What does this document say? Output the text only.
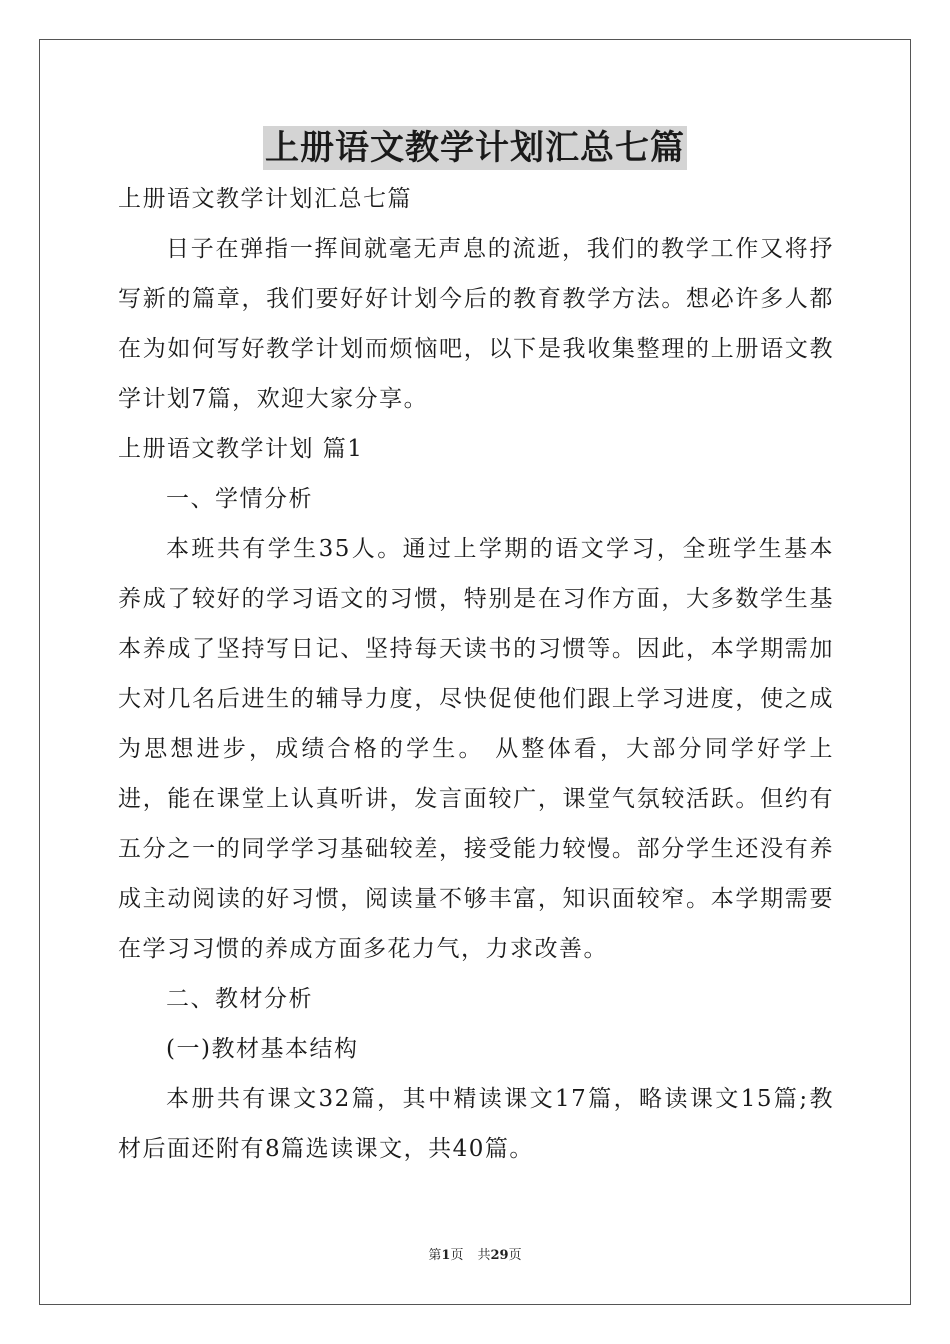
上册语文教学计划汇总七篇

上册语文教学计划汇总七篇

日子在弹指一挥间就毫无声息的流逝，我们的教学工作又将抒写新的篇章，我们要好好计划今后的教育教学方法。想必许多人都在为如何写好教学计划而烦恼吧，以下是我收集整理的上册语文教学计划7篇，欢迎大家分享。

上册语文教学计划 篇1

一、学情分析

本班共有学生35人。通过上学期的语文学习，全班学生基本养成了较好的学习语文的习惯，特别是在习作方面，大多数学生基本养成了坚持写日记、坚持每天读书的习惯等。因此，本学期需加大对几名后进生的辅导力度，尽快促使他们跟上学习进度，使之成为思想进步，成绩合格的学生。 从整体看，大部分同学好学上进，能在课堂上认真听讲，发言面较广，课堂气氛较活跃。但约有五分之一的同学学习基础较差，接受能力较慢。部分学生还没有养成主动阅读的好习惯，阅读量不够丰富，知识面较窄。本学期需要在学习习惯的养成方面多花力气，力求改善。

二、教材分析

(一)教材基本结构

本册共有课文32篇，其中精读课文17篇，略读课文15篇;教材后面还附有8篇选读课文，共40篇。

第1页 共29页
